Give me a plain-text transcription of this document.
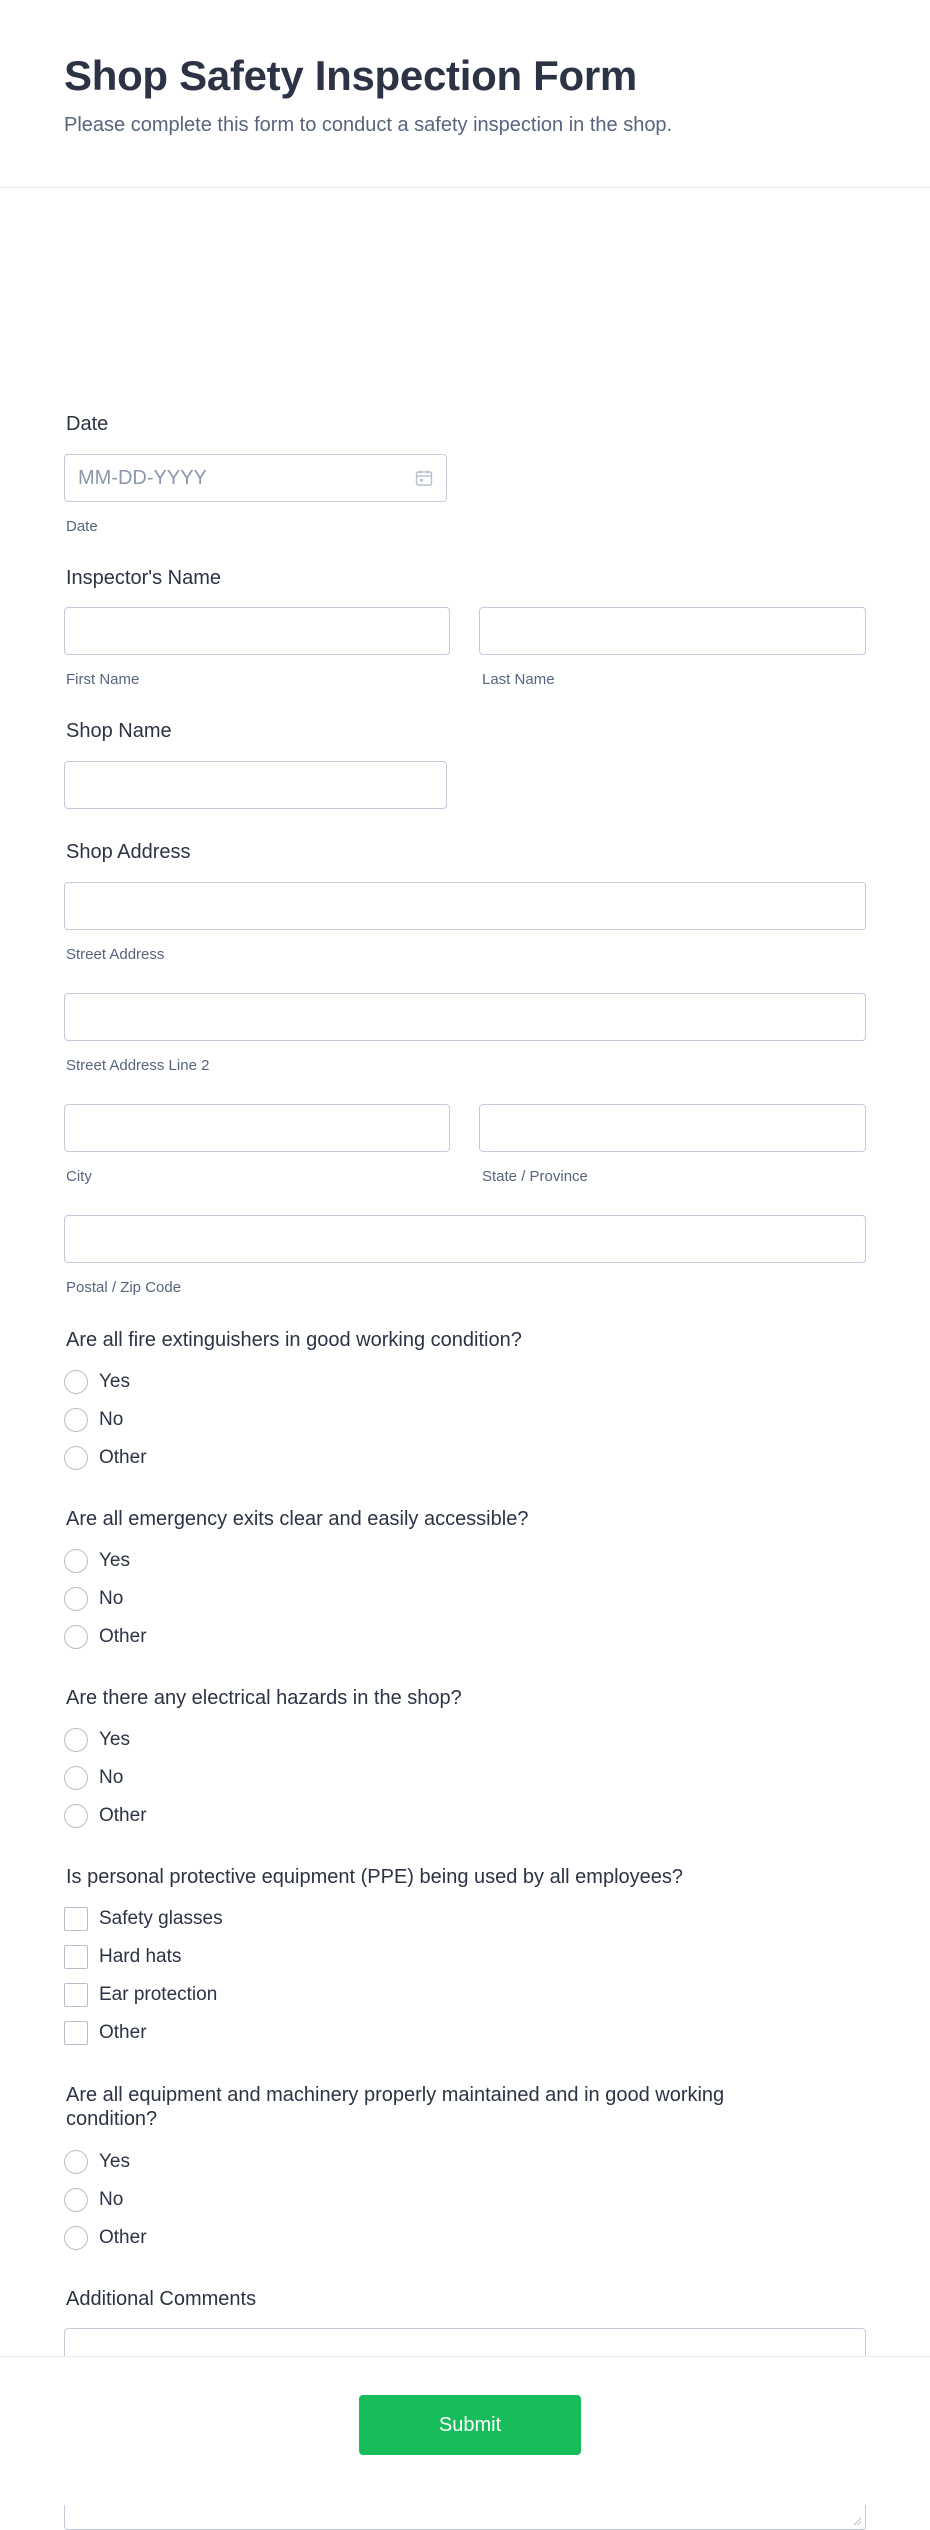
Shop Safety Inspection Form
Please complete this form to conduct a safety inspection in the shop.
Date
MM-DD-YYYY
Date
Inspector's Name
First Name	Last Name
Shop Name
Shop Address
Street Address
Street Address Line 2
City	State / Province
Postal / Zip Code
Are all fire extinguishers in good working condition?
Yes
No
Other
Are all emergency exits clear and easily accessible?
Yes
No
Other
Are there any electrical hazards in the shop?
Yes
No
Other
Is personal protective equipment (PPE) being used by all employees?
Safety glasses
Hard hats
Ear protection
Other
Are all equipment and machinery properly maintained and in good working condition?
Yes
No
Other
Additional Comments
Submit
